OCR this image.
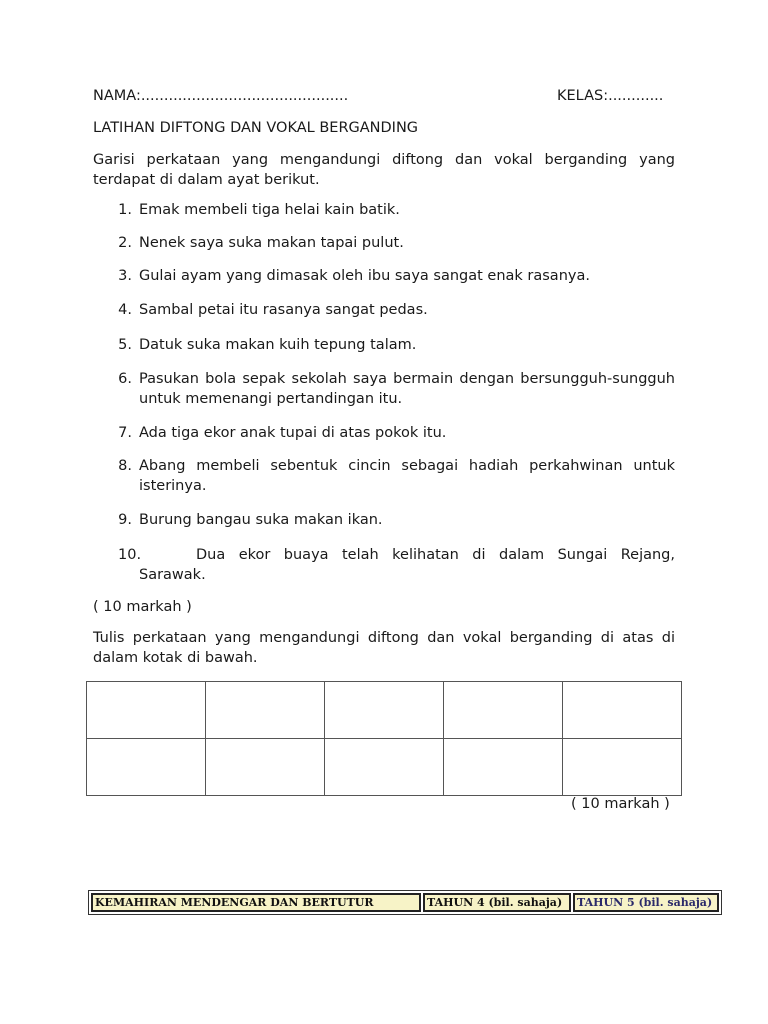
NAMA:.............................................	KELAS:............
LATIHAN DIFTONG DAN VOKAL BERGANDING
Garisi perkataan yang mengandungi diftong dan vokal berganding yang terdapat di dalam ayat berikut.
1. Emak membeli tiga helai kain batik.
2. Nenek saya suka makan tapai pulut.
3. Gulai ayam yang dimasak oleh ibu saya sangat enak rasanya.
4. Sambal petai itu rasanya sangat pedas.
5. Datuk suka makan kuih tepung talam.
6. Pasukan bola sepak sekolah saya bermain dengan bersungguh-sungguh untuk memenangi pertandingan itu.
7. Ada tiga ekor anak tupai di atas pokok itu.
8. Abang membeli sebentuk cincin sebagai hadiah perkahwinan untuk isterinya.
9. Burung bangau suka makan ikan.
10.	Dua ekor buaya telah kelihatan di dalam Sungai Rejang, Sarawak.
( 10 markah )
Tulis perkataan yang mengandungi diftong dan vokal berganding di atas di dalam kotak di bawah.

( 10 markah )
KEMAHIRAN MENDENGAR DAN BERTUTUR	TAHUN 4 (bil. sahaja)	TAHUN 5 (bil. sahaja)
